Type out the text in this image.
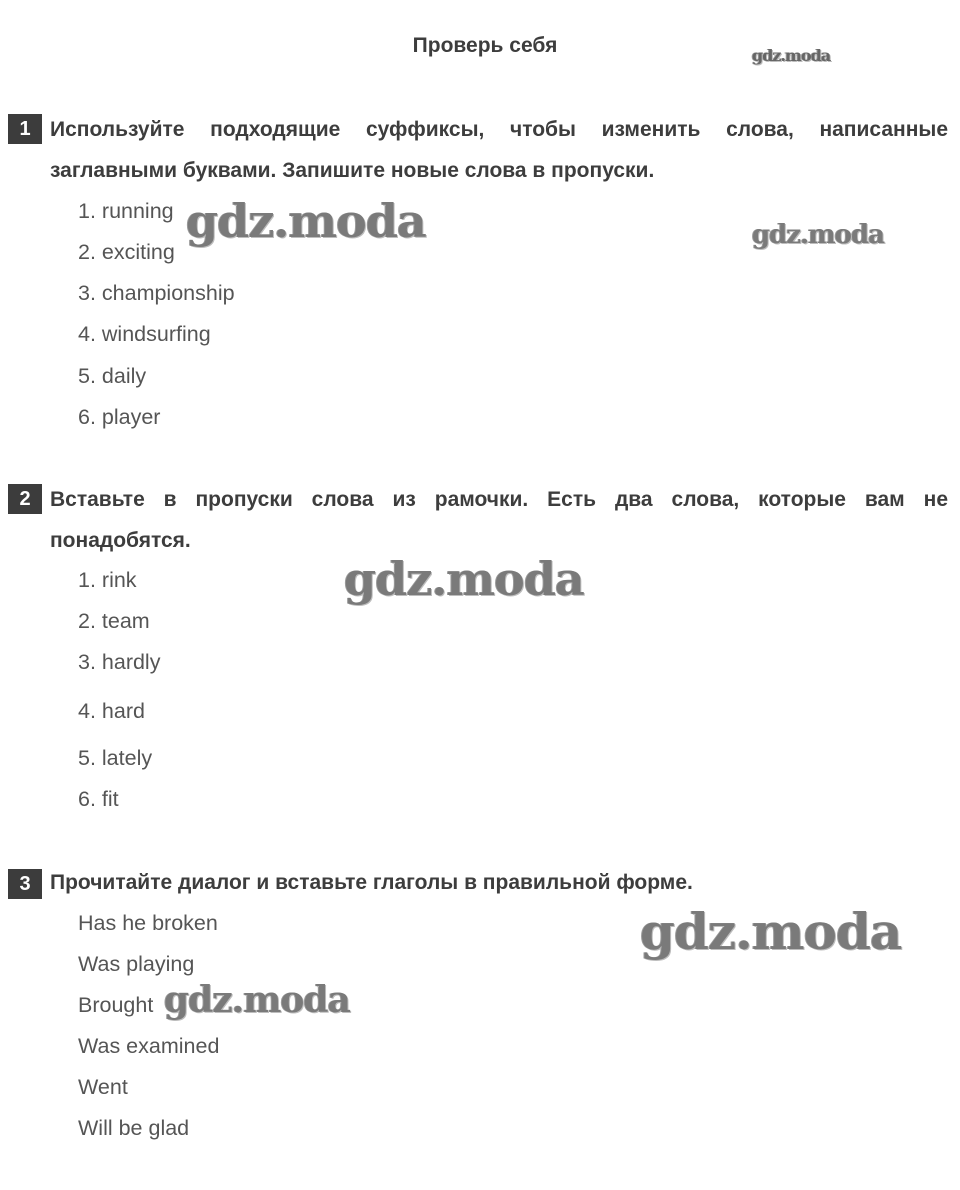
Проверь себя
1 Используйте подходящие суффиксы, чтобы изменить слова, написанные заглавными буквами. Запишите новые слова в пропуски.
1. running
2. exciting
3. championship
4. windsurfing
5. daily
6. player
2 Вставьте в пропуски слова из рамочки. Есть два слова, которые вам не понадобятся.
1. rink
2. team
3. hardly
4. hard
5. lately
6. fit
3 Прочитайте диалог и вставьте глаголы в правильной форме.
Has he broken
Was playing
Brought
Was examined
Went
Will be glad
gdz.moda
gdz.moda	gdz.moda
gdz.moda
gdz.moda
gdz.moda
